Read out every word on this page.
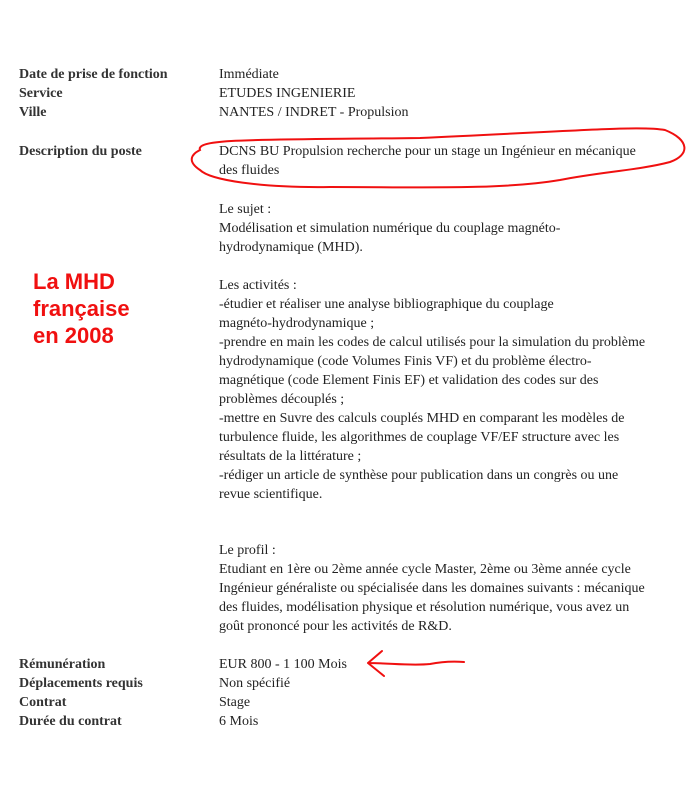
Date de prise de fonction	Immédiate
Service	ETUDES INGENIERIE
Ville	NANTES / INDRET - Propulsion
Description du poste	DCNS BU Propulsion recherche pour un stage un Ingénieur en mécanique
des fluides
Le sujet :
Modélisation et simulation numérique du couplage magnéto-
hydrodynamique (MHD).
Les activités :
-étudier et réaliser une analyse bibliographique du couplage
magnéto-hydrodynamique ;
-prendre en main les codes de calcul utilisés pour la simulation du problème
hydrodynamique (code Volumes Finis VF) et du problème électro-
magnétique (code Element Finis EF) et validation des codes sur des
problèmes découplés ;
-mettre en Suvre des calculs couplés MHD en comparant les modèles de
turbulence fluide, les algorithmes de couplage VF/EF structure avec les
résultats de la littérature ;
-rédiger un article de synthèse pour publication dans un congrès ou une
revue scientifique.
Le profil :
Etudiant en 1ère ou 2ème année cycle Master, 2ème ou 3ème année cycle
Ingénieur généraliste ou spécialisée dans les domaines suivants : mécanique
des fluides, modélisation physique et résolution numérique, vous avez un
goût prononcé pour les activités de R&D.
Rémunération	EUR 800 - 1 100 Mois
Déplacements requis	Non spécifié
Contrat	Stage
Durée du contrat	6 Mois
La MHD
française
en 2008
